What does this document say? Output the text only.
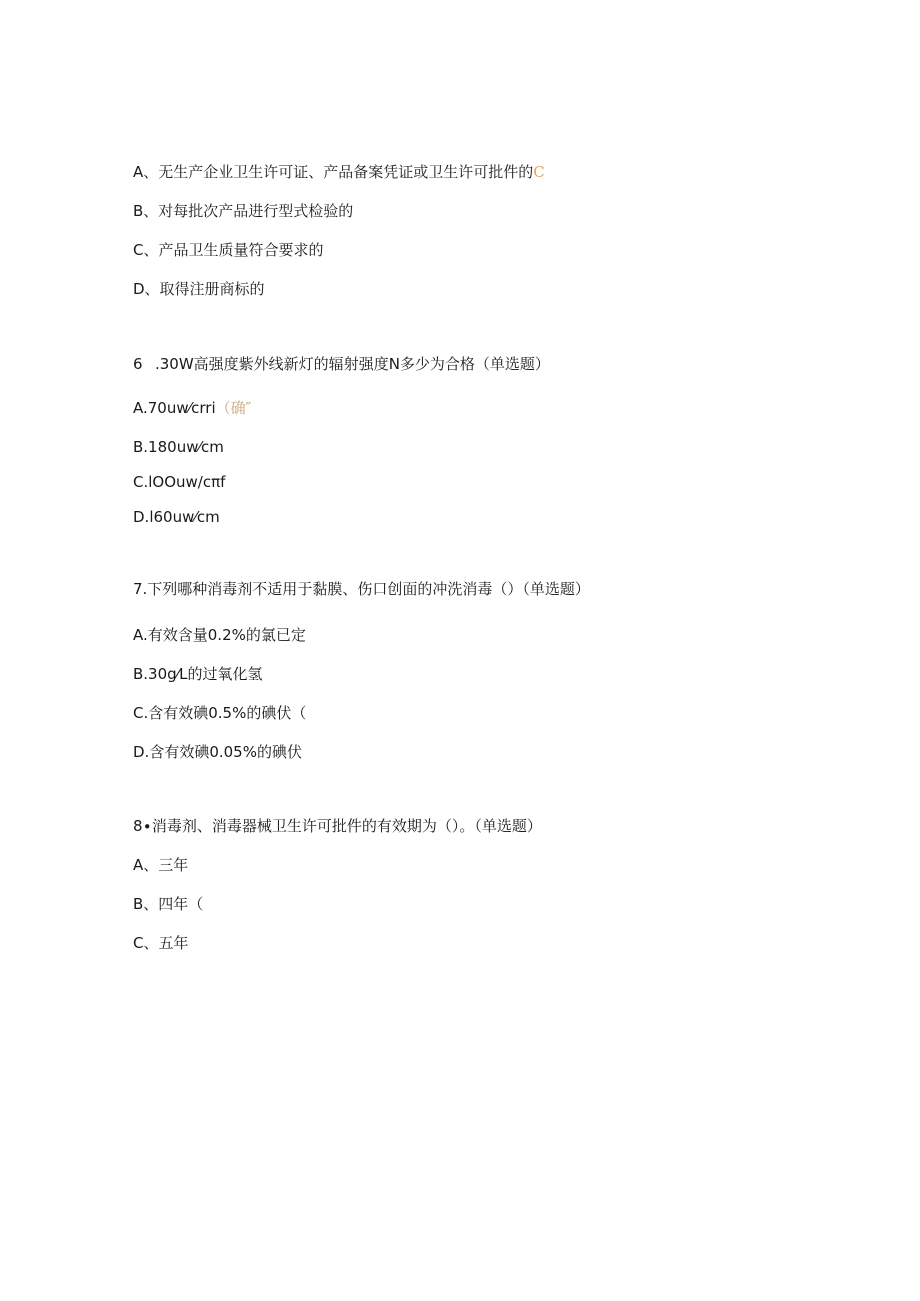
A、无生产企业卫生许可证、产品备案凭证或卫生许可批件的C
B、对每批次产品进行型式检验的
C、产品卫生质量符合要求的
D、取得注册商标的
6 .30W高强度紫外线新灯的辐射强度N多少为合格（单选题）
A.70uw⁄crri（确″
B.180uw⁄cm
C.lOOuw/cπf
D.l60uw⁄cm
7.下列哪种消毒剂不适用于黏膜、伤口创面的冲洗消毒（）（单选题）
A.有效含量0.2%的氯已定
B.30g⁄L的过氧化氢
C.含有效碘0.5%的碘伏（
D.含有效碘0.05%的碘伏
8∙消毒剂、消毒器械卫生许可批件的有效期为（）。（单选题）
A、三年
B、四年（
C、五年
